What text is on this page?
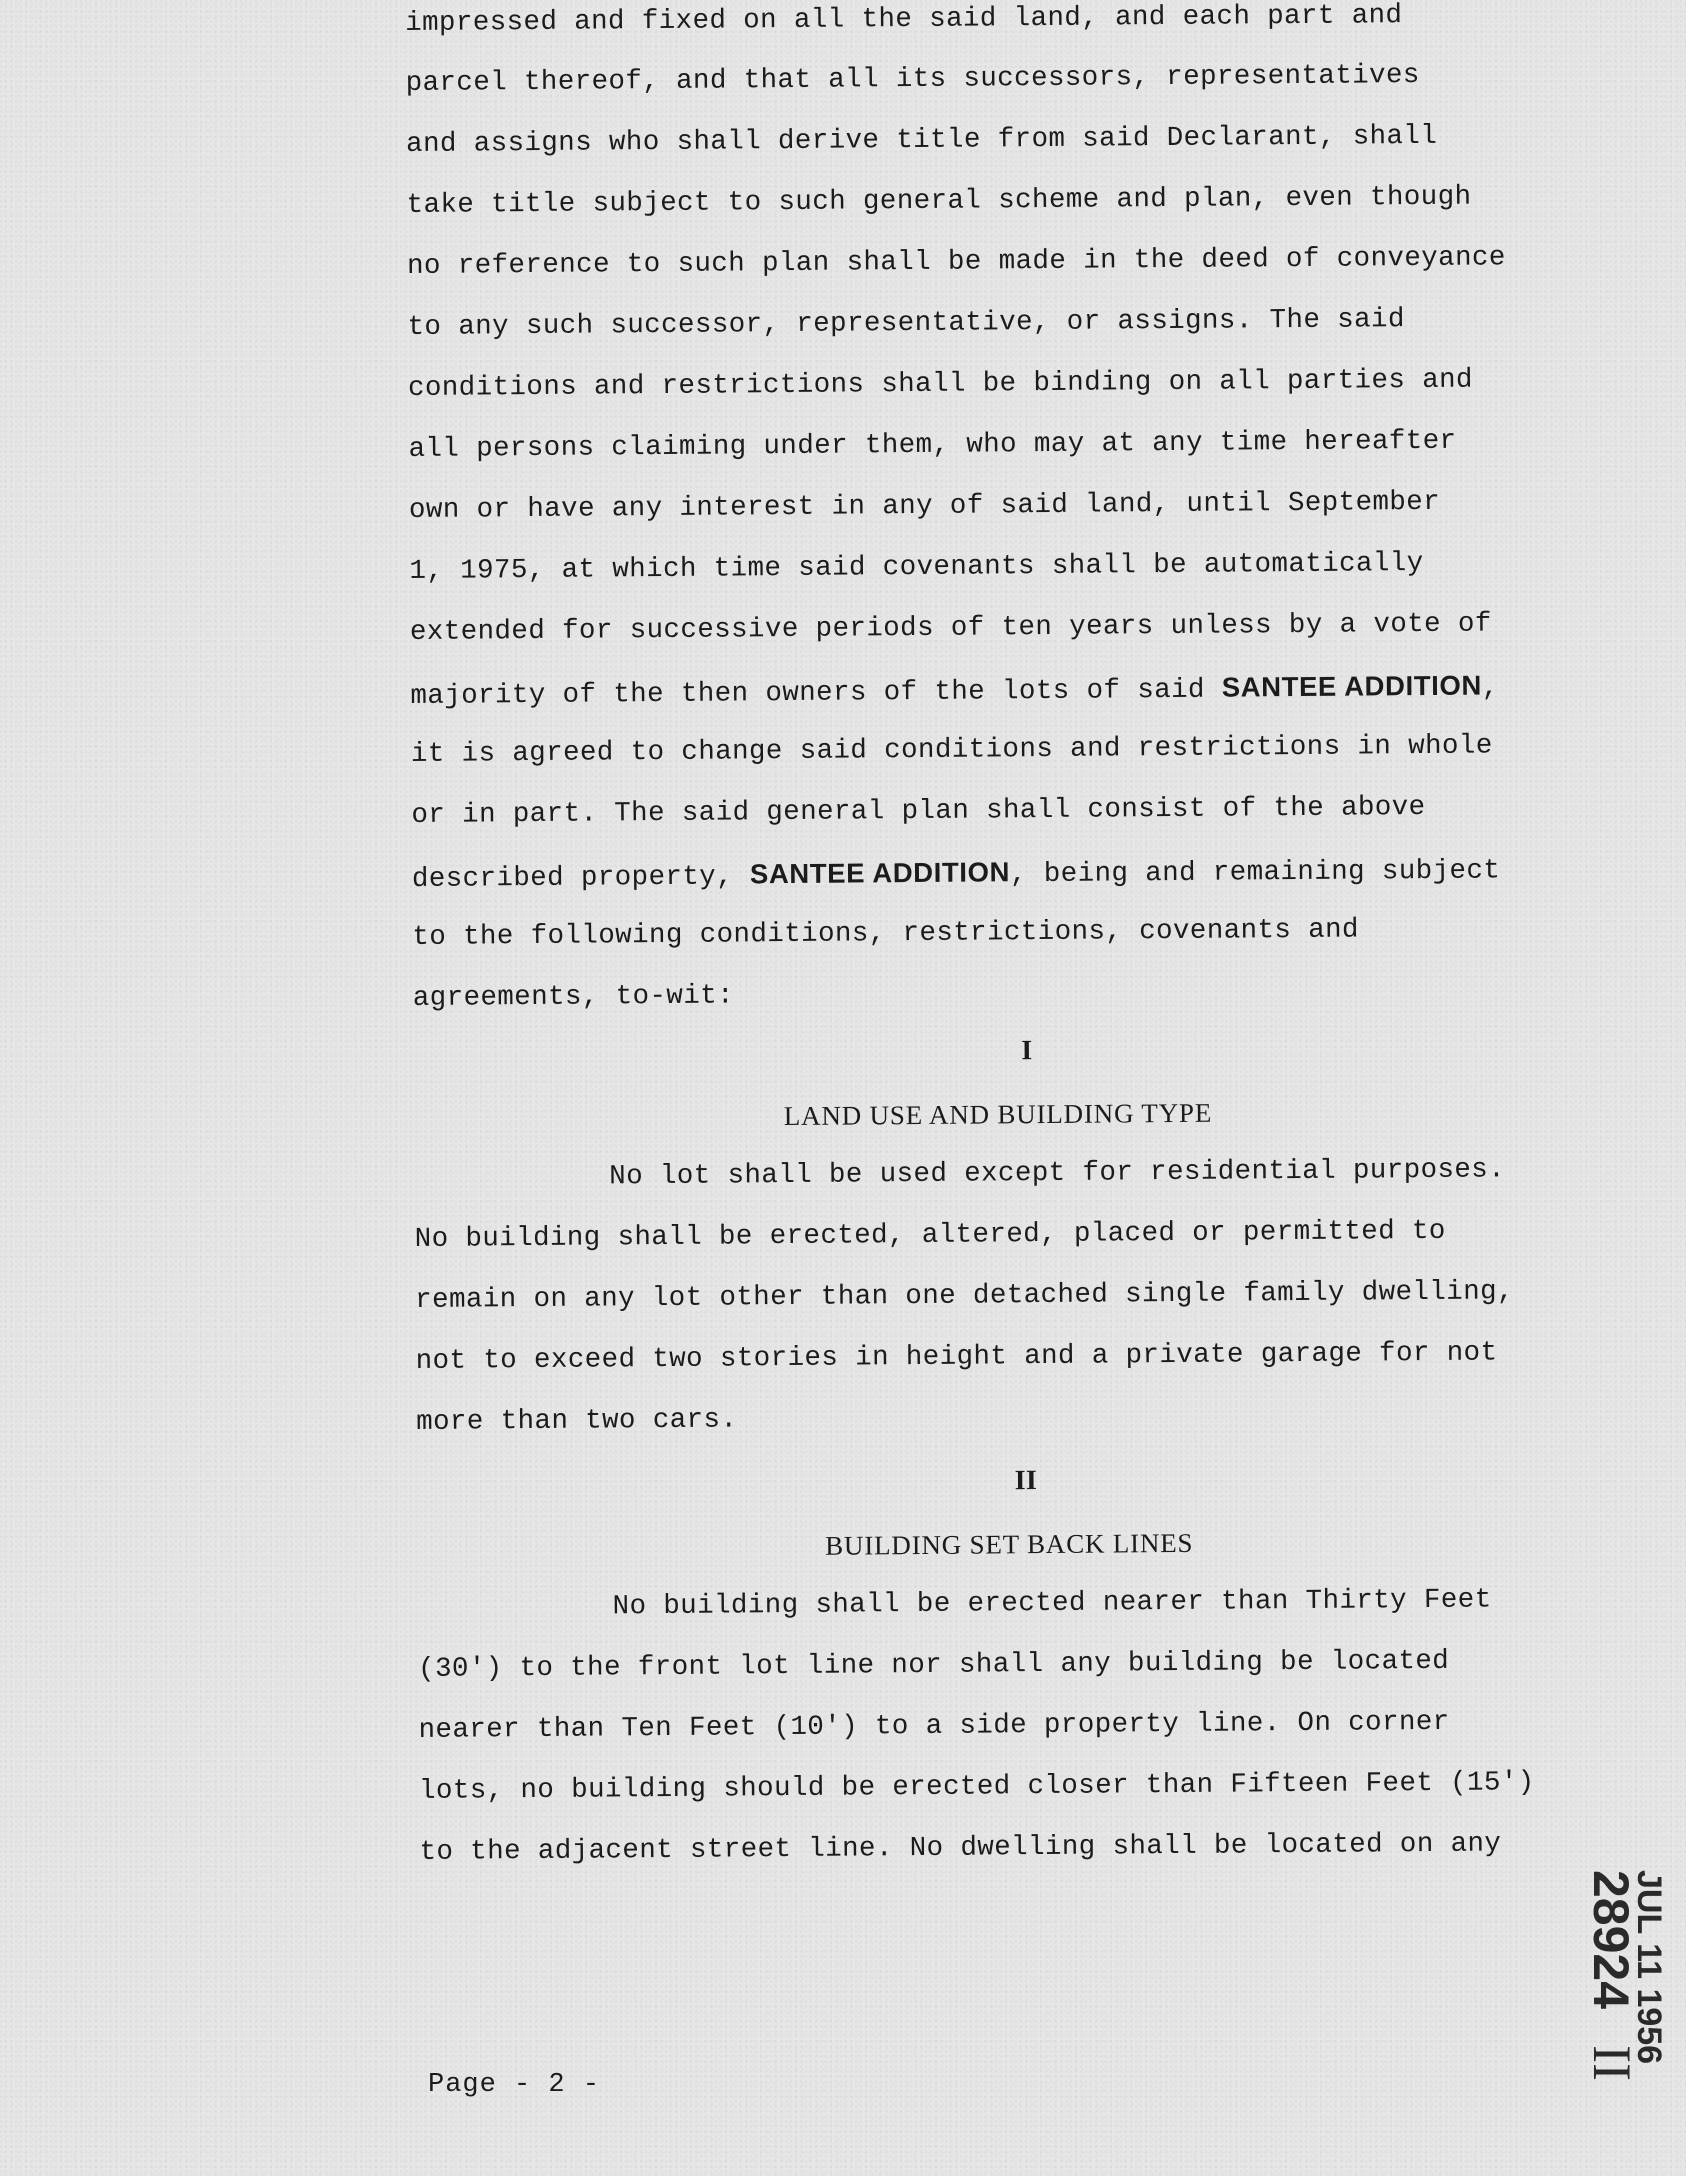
impressed and fixed on all the said land, and each part and
parcel thereof, and that all its successors, representatives
and assigns who shall derive title from said Declarant, shall
take title subject to such general scheme and plan, even though
no reference to such plan shall be made in the deed of conveyance
to any such successor, representative, or assigns. The said
conditions and restrictions shall be binding on all parties and
all persons claiming under them, who may at any time hereafter
own or have any interest in any of said land, until September
1, 1975, at which time said covenants shall be automatically
extended for successive periods of ten years unless by a vote of
majority of the then owners of the lots of said SANTEE ADDITION,
it is agreed to change said conditions and restrictions in whole
or in part. The said general plan shall consist of the above
described property, SANTEE ADDITION, being and remaining subject
to the following conditions, restrictions, covenants and
agreements, to-wit:
I
LAND USE AND BUILDING TYPE
No lot shall be used except for residential purposes.
No building shall be erected, altered, placed or permitted to
remain on any lot other than one detached single family dwelling,
not to exceed two stories in height and a private garage for not
more than two cars.
II
BUILDING SET BACK LINES
No building shall be erected nearer than Thirty Feet
(30') to the front lot line nor shall any building be located
nearer than Ten Feet (10') to a side property line. On corner
lots, no building should be erected closer than Fifteen Feet (15')
to the adjacent street line. No dwelling shall be located on any
Page - 2 -
28924
II
JUL 11 1956
